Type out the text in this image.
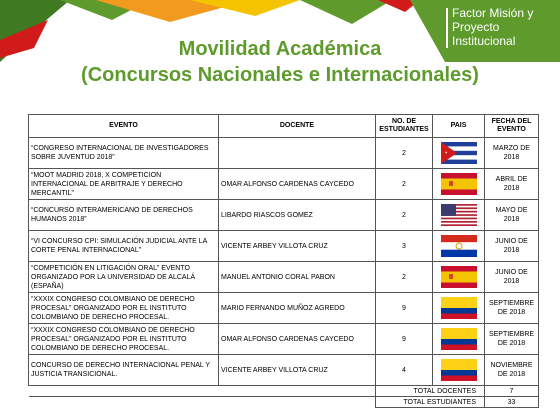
Factor Misión y
Proyecto
Institucional
Movilidad Académica
(Concursos Nacionales e Internacionales)
EVENTO	DOCENTE	NO. DE ESTUDIANTES	PAIS	FECHA DEL EVENTO
“CONGRESO INTERNACIONAL DE INVESTIGADORES SOBRE JUVENTUD 2018”		2		MARZO DE 2018
“MOOT MADRID 2018, X COMPETICION INTERNACIONAL DE ARBITRAJE Y DERECHO MERCANTIL”	OMAR ALFONSO CARDENAS CAYCEDO	2		ABRIL DE 2018
“CONCURSO INTERAMERICANO DE DERECHOS HUMANOS 2018”	LIBARDO RIASCOS GOMEZ	2		MAYO DE 2018
“VI CONCURSO CPI: SIMULACIÓN JUDICIAL ANTE LA CORTE PENAL INTERNACIONAL”	VICENTE ARBEY VILLOTA CRUZ	3		JUNIO DE 2018
“COMPETICIÓN EN LITIGACIÓN ORAL” EVENTO ORGANIZADO POR LA UNIVERSIDAD DE ALCALÁ (ESPAÑA)	MANUEL ANTONIO CORAL PABON	2		JUNIO DE 2018
“XXXIX CONGRESO COLOMBIANO DE DERECHO PROCESAL” ORGANIZADO POR EL INSTITUTO COLOMBIANO DE DERECHO PROCESAL.	MARIO FERNANDO MUÑOZ AGREDO	9		SEPTIEMBRE DE 2018
“XXXIX CONGRESO COLOMBIANO DE DERECHO PROCESAL” ORGANIZADO POR EL INSTITUTO COLOMBIANO DE DERECHO PROCESAL.	OMAR ALFONSO CARDENAS CAYCEDO	9		SEPTIEMBRE DE 2018
CONCURSO DE DERECHO INTERNACIONAL PENAL Y JUSTICIA TRANSICIONAL.	VICENTE ARBEY VILLOTA CRUZ	4		NOVIEMBRE DE 2018
		TOTAL DOCENTES		7
		TOTAL ESTUDIANTES		33
